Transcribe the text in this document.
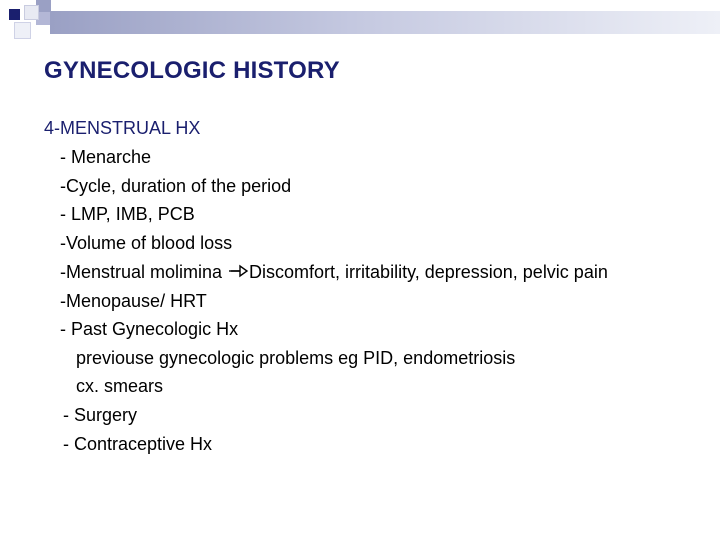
GYNECOLOGIC HISTORY
4-MENSTRUAL HX
- Menarche
-Cycle, duration of the period
- LMP, IMB, PCB
-Volume of blood loss
-Menstrual molimina Discomfort, irritability, depression, pelvic pain
-Menopause/ HRT
- Past Gynecologic Hx
previouse gynecologic problems eg PID, endometriosis
cx. smears
- Surgery
- Contraceptive Hx
